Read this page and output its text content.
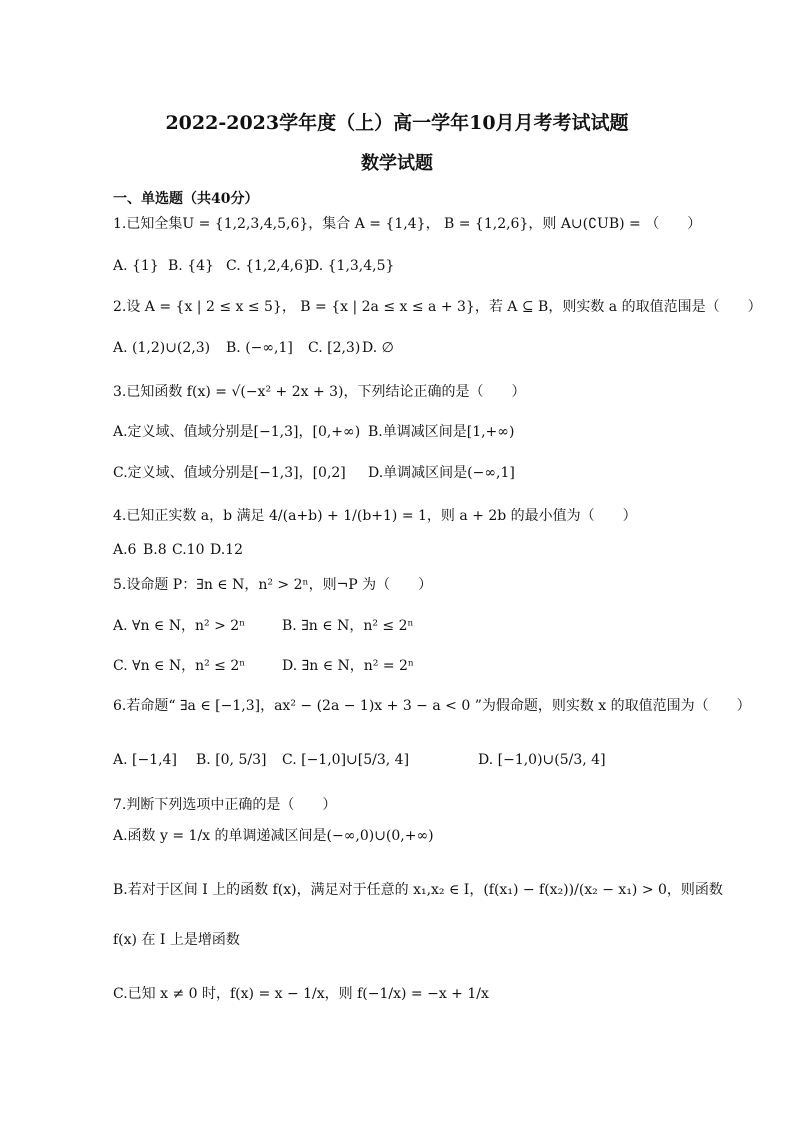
2022-2023学年度（上）高一学年10月月考考试试题
数学试题
一、单选题（共40分）
1.已知全集U = {1,2,3,4,5,6}，集合 A = {1,4}， B = {1,2,6}，则 A∪(∁UB) = （　　）
A. {1} B. {4} C. {1,2,4,6}
D. {1,3,4,5}
2.设 A = {x | 2 ≤ x ≤ 5}， B = {x | 2a ≤ x ≤ a + 3}，若 A ⊆ B，则实数 a 的取值范围是（　　）
A. (1,2)∪(2,3) B. (−∞,1] C. [2,3) D. ∅
3.已知函数 f(x) = √(−x² + 2x + 3)，下列结论正确的是（　　）
A.定义域、值域分别是[−1,3]，[0,+∞) B.单调减区间是[1,+∞)
C.定义域、值域分别是[−1,3]，[0,2] D.单调减区间是(−∞,1]
4.已知正实数 a，b 满足 4/(a+b) + 1/(b+1) = 1，则 a + 2b 的最小值为（　　）
A.6 B.8 C.10 D.12
5.设命题 P：∃n ∈ N，n² > 2ⁿ，则¬P 为（　　）
A. ∀n ∈ N，n² > 2ⁿ	B. ∃n ∈ N，n² ≤ 2ⁿ
C. ∀n ∈ N，n² ≤ 2ⁿ	D. ∃n ∈ N，n² = 2ⁿ
6.若命题“ ∃a ∈ [−1,3]，ax² − (2a − 1)x + 3 − a < 0 ”为假命题，则实数 x 的取值范围为（　　）
A. [−1,4] B. [0, 5/3] C. [−1,0]∪[5/3, 4]	D. [−1,0)∪(5/3, 4]
7.判断下列选项中正确的是（　　）
A.函数 y = 1/x 的单调递减区间是(−∞,0)∪(0,+∞)
B.若对于区间 I 上的函数 f(x)，满足对于任意的 x₁,x₂ ∈ I，(f(x₁) − f(x₂))/(x₂ − x₁) > 0，则函数
f(x) 在 I 上是增函数
C.已知 x ≠ 0 时，f(x) = x − 1/x，则 f(−1/x) = −x + 1/x
